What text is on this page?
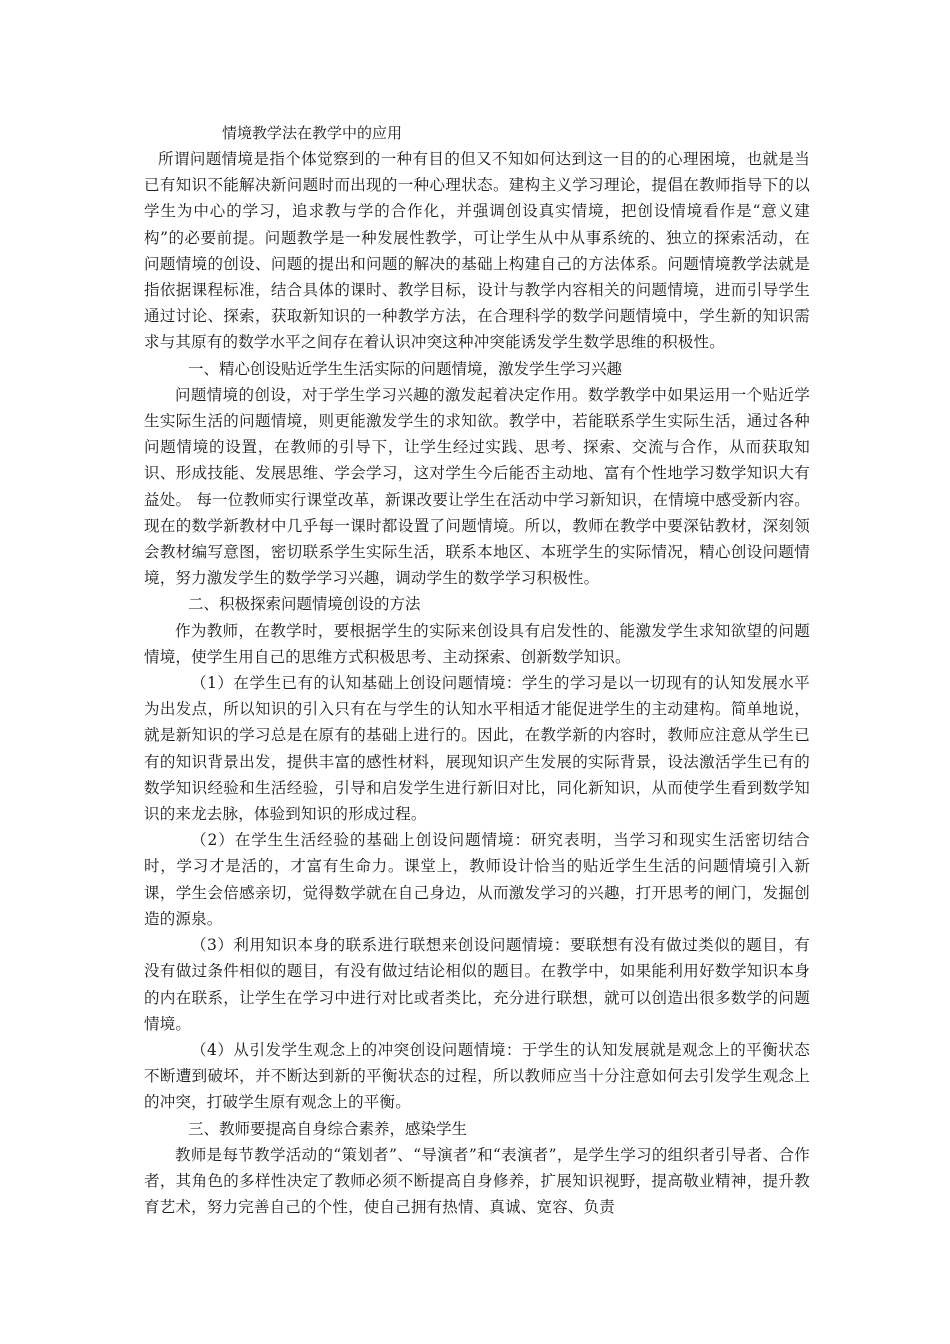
情境教学法在教学中的应用

所谓问题情境是指个体觉察到的一种有目的但又不知如何达到这一目的的心理困境，也就是当已有知识不能解决新问题时而出现的一种心理状态。建构主义学习理论，提倡在教师指导下的以学生为中心的学习，追求教与学的合作化，并强调创设真实情境，把创设情境看作是“意义建构”的必要前提。问题教学是一种发展性教学，可让学生从中从事系统的、独立的探索活动，在问题情境的创设、问题的提出和问题的解决的基础上构建自己的方法体系。问题情境教学法就是指依据课程标准，结合具体的课时、教学目标，设计与教学内容相关的问题情境，进而引导学生通过讨论、探索，获取新知识的一种教学方法，在合理科学的数学问题情境中，学生新的知识需求与其原有的数学水平之间存在着认识冲突这种冲突能诱发学生数学思维的积极性。

一、精心创设贴近学生生活实际的问题情境，激发学生学习兴趣

问题情境的创设，对于学生学习兴趣的激发起着决定作用。数学教学中如果运用一个贴近学生实际生活的问题情境，则更能激发学生的求知欲。教学中，若能联系学生实际生活，通过各种问题情境的设置，在教师的引导下，让学生经过实践、思考、探索、交流与合作，从而获取知识、形成技能、发展思维、学会学习，这对学生今后能否主动地、富有个性地学习数学知识大有益处。 每一位教师实行课堂改革，新课改要让学生在活动中学习新知识，在情境中感受新内容。现在的数学新教材中几乎每一课时都设置了问题情境。所以，教师在教学中要深钻教材，深刻领会教材编写意图，密切联系学生实际生活，联系本地区、本班学生的实际情况，精心创设问题情境，努力激发学生的数学学习兴趣，调动学生的数学学习积极性。

二、积极探索问题情境创设的方法

作为教师，在教学时，要根据学生的实际来创设具有启发性的、能激发学生求知欲望的问题情境，使学生用自己的思维方式积极思考、主动探索、创新数学知识。

（1）在学生已有的认知基础上创设问题情境：学生的学习是以一切现有的认知发展水平为出发点，所以知识的引入只有在与学生的认知水平相适才能促进学生的主动建构。简单地说，就是新知识的学习总是在原有的基础上进行的。因此，在教学新的内容时，教师应注意从学生已有的知识背景出发，提供丰富的感性材料，展现知识产生发展的实际背景，设法激活学生已有的数学知识经验和生活经验，引导和启发学生进行新旧对比，同化新知识，从而使学生看到数学知识的来龙去脉，体验到知识的形成过程。

（2）在学生生活经验的基础上创设问题情境：研究表明，当学习和现实生活密切结合时，学习才是活的，才富有生命力。课堂上，教师设计恰当的贴近学生生活的问题情境引入新课，学生会倍感亲切，觉得数学就在自己身边，从而激发学习的兴趣，打开思考的闸门，发掘创造的源泉。

（3）利用知识本身的联系进行联想来创设问题情境：要联想有没有做过类似的题目，有没有做过条件相似的题目，有没有做过结论相似的题目。在教学中，如果能利用好数学知识本身的内在联系，让学生在学习中进行对比或者类比，充分进行联想，就可以创造出很多数学的问题情境。

（4）从引发学生观念上的冲突创设问题情境：于学生的认知发展就是观念上的平衡状态不断遭到破坏，并不断达到新的平衡状态的过程，所以教师应当十分注意如何去引发学生观念上的冲突，打破学生原有观念上的平衡。

三、教师要提高自身综合素养，感染学生

教师是每节教学活动的“策划者”、“导演者”和“表演者”，是学生学习的组织者引导者、合作者，其角色的多样性决定了教师必须不断提高自身修养，扩展知识视野，提高敬业精神，提升教育艺术，努力完善自己的个性，使自己拥有热情、真诚、宽容、负责
